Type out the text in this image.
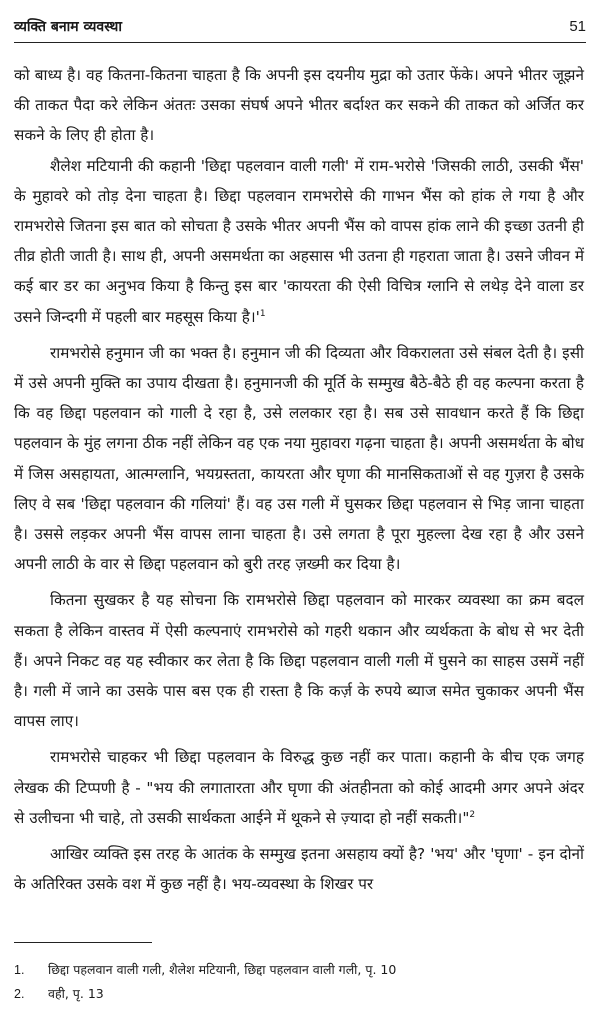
व्यक्ति बनाम व्यवस्था	51

को बाध्य है। वह कितना-कितना चाहता है कि अपनी इस दयनीय मुद्रा को उतार फेंके। अपने भीतर जूझने की ताकत पैदा करे लेकिन अंततः उसका संघर्ष अपने भीतर बर्दाश्त कर सकने की ताकत को अर्जित कर सकने के लिए ही होता है।

शैलेश मटियानी की कहानी 'छिद्दा पहलवान वाली गली' में राम-भरोसे 'जिसकी लाठी, उसकी भैंस' के मुहावरे को तोड़ देना चाहता है। छिद्दा पहलवान रामभरोसे की गाभन भैंस को हांक ले गया है और रामभरोसे जितना इस बात को सोचता है उसके भीतर अपनी भैंस को वापस हांक लाने की इच्छा उतनी ही तीव्र होती जाती है। साथ ही, अपनी असमर्थता का अहसास भी उतना ही गहराता जाता है। उसने जीवन में कई बार डर का अनुभव किया है किन्तु इस बार 'कायरता की ऐसी विचित्र ग्लानि से लथेड़ देने वाला डर उसने जिन्दगी में पहली बार महसूस किया $है।'^1$

रामभरोसे हनुमान जी का भक्त है। हनुमान जी की दिव्यता और विकरालता उसे संबल देती है। इसी में उसे अपनी मुक्ति का उपाय दीखता है। हनुमानजी की मूर्ति के सम्मुख बैठे-बैठे ही वह कल्पना करता है कि वह छिद्दा पहलवान को गाली दे रहा है, उसे ललकार रहा है। सब उसे सावधान करते हैं कि छिद्दा पहलवान के मुंह लगना ठीक नहीं लेकिन वह एक नया मुहावरा गढ़ना चाहता है। अपनी असमर्थता के बोध में जिस असहायता, आत्मग्लानि, भयग्रस्तता, कायरता और घृणा की मानसिकताओं से वह गुज़रा है उसके लिए वे सब 'छिद्दा पहलवान की गलियां' हैं। वह उस गली में घुसकर छिद्दा पहलवान से भिड़ जाना चाहता है। उससे लड़कर अपनी भैंस वापस लाना चाहता है। उसे लगता है पूरा मुहल्ला देख रहा है और उसने अपनी लाठी के वार से छिद्दा पहलवान को बुरी तरह ज़ख्मी कर दिया है।

कितना सुखकर है यह सोचना कि रामभरोसे छिद्दा पहलवान को मारकर व्यवस्था का क्रम बदल सकता है लेकिन वास्तव में ऐसी कल्पनाएं रामभरोसे को गहरी थकान और व्यर्थकता के बोध से भर देती हैं। अपने निकट वह यह स्वीकार कर लेता है कि छिद्दा पहलवान वाली गली में घुसने का साहस उसमें नहीं है। गली में जाने का उसके पास बस एक ही रास्ता है कि कर्ज़ के रुपये ब्याज समेत चुकाकर अपनी भैंस वापस लाए।

रामभरोसे चाहकर भी छिद्दा पहलवान के विरुद्ध कुछ नहीं कर पाता। कहानी के बीच एक जगह लेखक की टिप्पणी है - "भय की लगातारता और घृणा की अंतहीनता को कोई आदमी अगर अपने अंदर से उलीचना भी चाहे, तो उसकी सार्थकता आईने में थूकने से ज़्यादा हो नहीं सकती।"$^2$

आखिर व्यक्ति इस तरह के आतंक के सम्मुख इतना असहाय क्यों है? 'भय' और 'घृणा' - इन दोनों के अतिरिक्त उसके वश में कुछ नहीं है। भय-व्यवस्था के शिखर पर

1.	छिद्दा पहलवान वाली गली, शैलेश मटियानी, छिद्दा पहलवान वाली गली, पृ. 10
2.	वही, पृ. 13
